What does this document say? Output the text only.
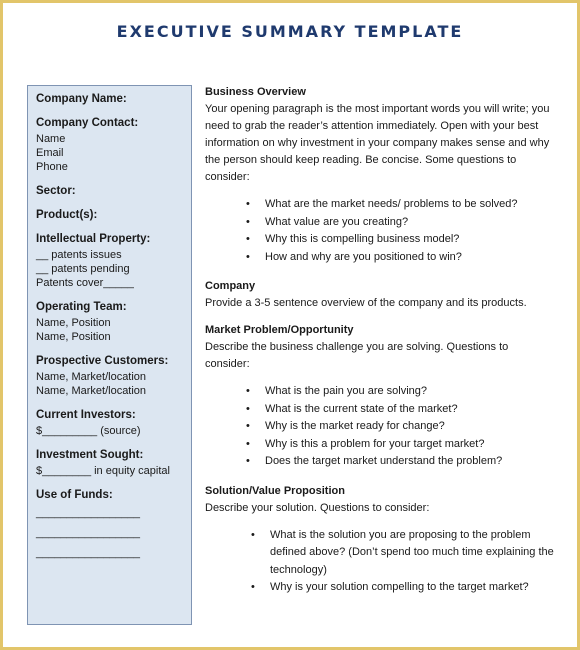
EXECUTIVE SUMMARY TEMPLATE
Company Name:
Company Contact:
Name
Email
Phone
Sector:
Product(s):
Intellectual Property:
__ patents issues
__ patents pending
Patents cover_____
Operating Team:
Name, Position
Name, Position
Prospective Customers:
Name, Market/location
Name, Market/location
Current Investors:
$_________ (source)
Investment Sought:
$________ in equity capital
Use of Funds:
_________________
_________________
_________________
Business Overview
Your opening paragraph is the most important words you will write; you need to grab the reader’s attention immediately. Open with your best information on why investment in your company makes sense and why the person should keep reading. Be concise. Some questions to consider:
• What are the market needs/ problems to be solved?
• What value are you creating?
• Why this is compelling business model?
• How and why are you positioned to win?
Company
Provide a 3-5 sentence overview of the company and its products.
Market Problem/Opportunity
Describe the business challenge you are solving. Questions to consider:
• What is the pain you are solving?
• What is the current state of the market?
• Why is the market ready for change?
• Why is this a problem for your target market?
• Does the target market understand the problem?
Solution/Value Proposition
Describe your solution. Questions to consider:
• What is the solution you are proposing to the problem defined above? (Don’t spend too much time explaining the technology)
• Why is your solution compelling to the target market?
